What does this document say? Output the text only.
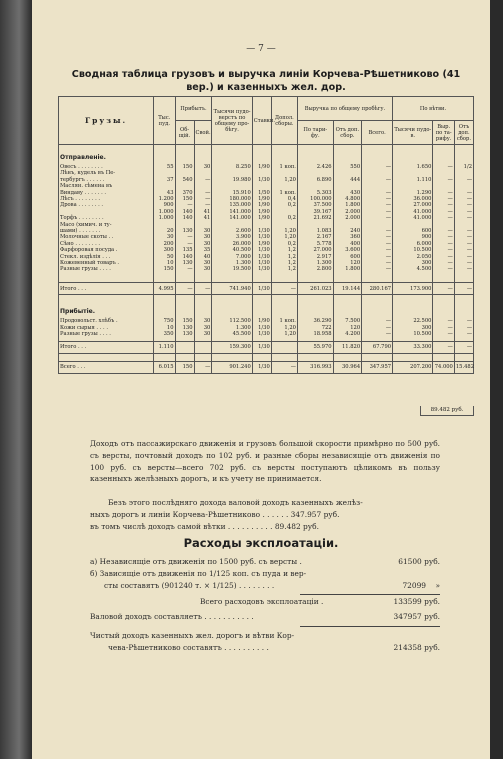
— 7 —
Сводная таблица грузовъ и выручка линіи Корчева-Рѣшетниково (41 вер.) и казенныхъ жел. дор.
Грузы.	Тыс. пуд.	Прибытъ.		Тысячи пудо- верстъ по общему про- бѣгу.	Ставки.	Допол. сборы.	Выручка по общему пробѣгу.			По вѣтви.		
		Об- щій.	Свой.				По тари- фу.	Отъ доп. сбор.	Всего.	Тысячи пудо-в.	Выр. по та- рифу.	Отъ доп. сбор.

Отправленіе.												

Овесъ . . . . . . . .	55	150	30	8.250	1/90	1 коп.	2.426	550	—	1.650	—	1/2
Лѣнъ, кудель въ Пе-												
тербургъ . . . . . .	37	540	—	19.980	1/30	1,20	6.890	444	—	1.110	—	—
Маслян. сѣмена въ												
Виндаву . . . . . . .	43	370	—	15.910	1/50	1 коп.	5.303	430	—	1.290	—	—
Лѣсъ . . . . . . . .	1.200	150	—	180.000	1/90	0,4	100.000	4.800	—	36.000	—	—
Дрова . . . . . . . .	900	—	—	135.000	1/90	0,2	37.500	1.800	—	27.000	—	—
	1.000	140	41	141.000	1/90		39.167	2.000	—	41.000	—	—
Торфъ . . . . . . . .	1.000	140	41	141.000	1/90	0,2	21.692	2.000	—	41.000	—	—
Масо (химич. и ту-												
шами) . . . . . . .	20	130	30	2.600	1/30	1,20	1.083	240	—	600	—	—
Молочные скоты . .	30	—	30	3.900	1/30	1,20	2.167	360	—	900	—	—
Сѣно . . . . . . . .	200	—	30	26.000	1/90	0,2	5.778	400	—	6.000	—	—
Фарфоровая посуда .	300	135	35	40.500	1/30	1,2	27.000	3.600	—	10.500	—	—
Стекл. издѣлія . . .	50	140	40	7.000	1/30	1,2	2.917	600	—	2.050	—	—
Кожевенный товаръ .	10	130	30	1.300	1/30	1,2	1.300	120	—	300	—	—
Разные грузы . . . .	150	—	30	19.500	1/30	1,2	2.800	1.800	—	4.500	—	—

Итого . . .	4.995	—	—	741.940	1/30	—	261.023	19.144	280.167	173.900	—	—

Прибытіе.												

Продовольст. хлѣбъ .	750	150	30	112.500	1/90	1 коп.	36.290	7.500	—	22.500	—	—
Кожи сырыя . . . .	10	130	30	1.300	1/30	1,20	722	120	—	300	—	—
Разные грузы . . . .	350	130	30	45.500	1/30	1,20	18.958	4.200	—	10.500	—	—

Итого . . .	1.110			159.300	1/30		55.970	11.820	67.790	33.300	—	—

Всего . . .	6.015	150	—	901.240	1/30	—	316.993	30.964	347.957	207.200	74.000	15.482
89.482 руб.
Доходъ отъ пассажирскаго движенія и грузовъ большой скорости примѣрно по 500 руб. съ версты, почтовый доходъ по 102 руб. и разные сборы независящіе отъ движенія по 100 руб. съ версты—всего 702 руб. съ версты поступаютъ цѣликомъ въ пользу казенныхъ желѣзныхъ дорогъ, и къ учету не принимается.
Безъ этого послѣдняго дохода валовой доходъ казенныхъ желѣз-
ныхъ дорогъ и линіи Корчева-Рѣшетниково . . . . . . 347.957 руб.
въ томъ числѣ доходъ самой вѣтки . . . . . . . . . . 89.482 руб.
Расходы эксплоатаціи.
а) Независящіе отъ движенія по 1500 руб. съ версты .	61500 руб.
б) Зависящіе отъ движенія по 1/125 коп. съ пуда и вер-
сты составятъ (901240 т. × 1/125) . . . . . . . .	72099 »
Всего расходовъ эксплоатаціи .	133599 руб.
Валовой доходъ составляетъ . . . . . . . . . . .	347957 руб.
Чистый доходъ казенныхъ жел. дорогъ и вѣтви Кор-
чева-Рѣшетниково составятъ . . . . . . . . . .	214358 руб.
